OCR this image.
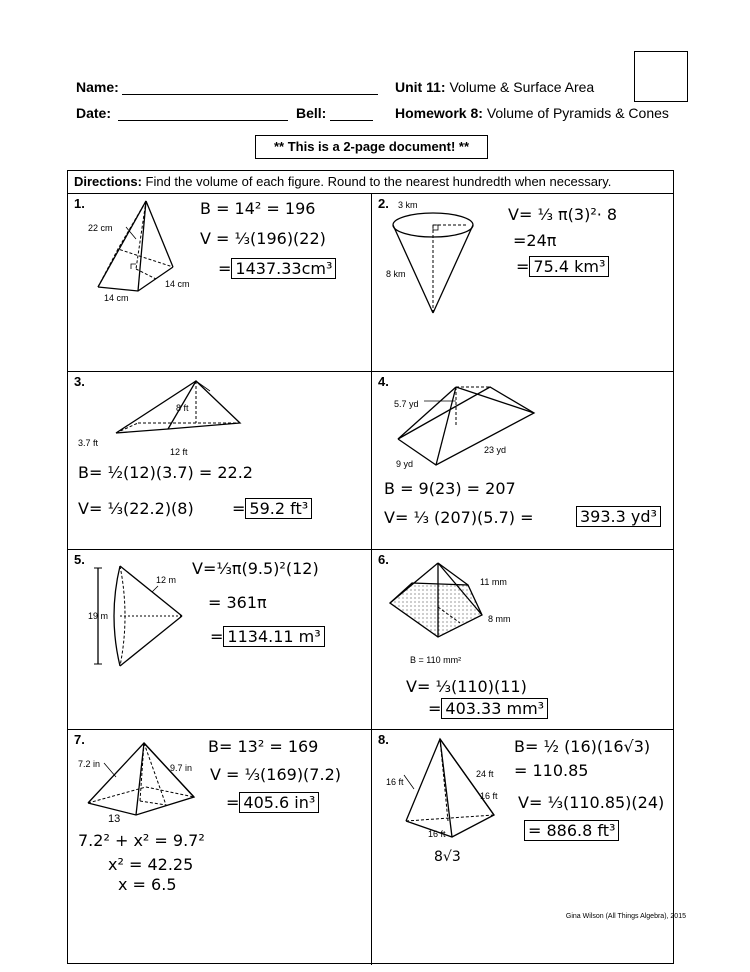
Name:
Date:	Bell:
Unit 11: Volume & Surface Area
Homework 8: Volume of Pyramids & Cones
** This is a 2-page document! **
Directions: Find the volume of each figure. Round to the nearest hundredth when necessary.
1.
22 cm
14 cm
14 cm
B = 14² = 196
V = ⅓(196)(22)
= 1437.33cm³
2. 3 km
8 km
V= ⅓ π(3)²· 8
=24π
= 75.4 km³
3.
8 ft
12 ft
3.7 ft
B= ½(12)(3.7) = 22.2
V= ⅓(22.2)(8) = 59.2 ft³
4.
5.7 yd
9 yd
23 yd
B = 9(23) = 207
V= ⅓ (207)(5.7) =	393.3 yd³
5.
12 m
19 m
V=⅓π(9.5)²(12)
= 361π
= 1134.11 m³
6.
11 mm
8 mm
B = 110 mm²
V= ⅓(110)(11)
= 403.33 mm³
7.
7.2 in	9.7 in
13
B= 13² = 169
V = ⅓(169)(7.2)
= 405.6 in³
7.2² + x² = 9.7²
x² = 42.25
x = 6.5
8.
16 ft
24 ft
16 ft
16 ft
8√3
B= ½ (16)(16√3)
= 110.85
V= ⅓(110.85)(24)
= 886.8 ft³
Gina Wilson (All Things Algebra), 2015
